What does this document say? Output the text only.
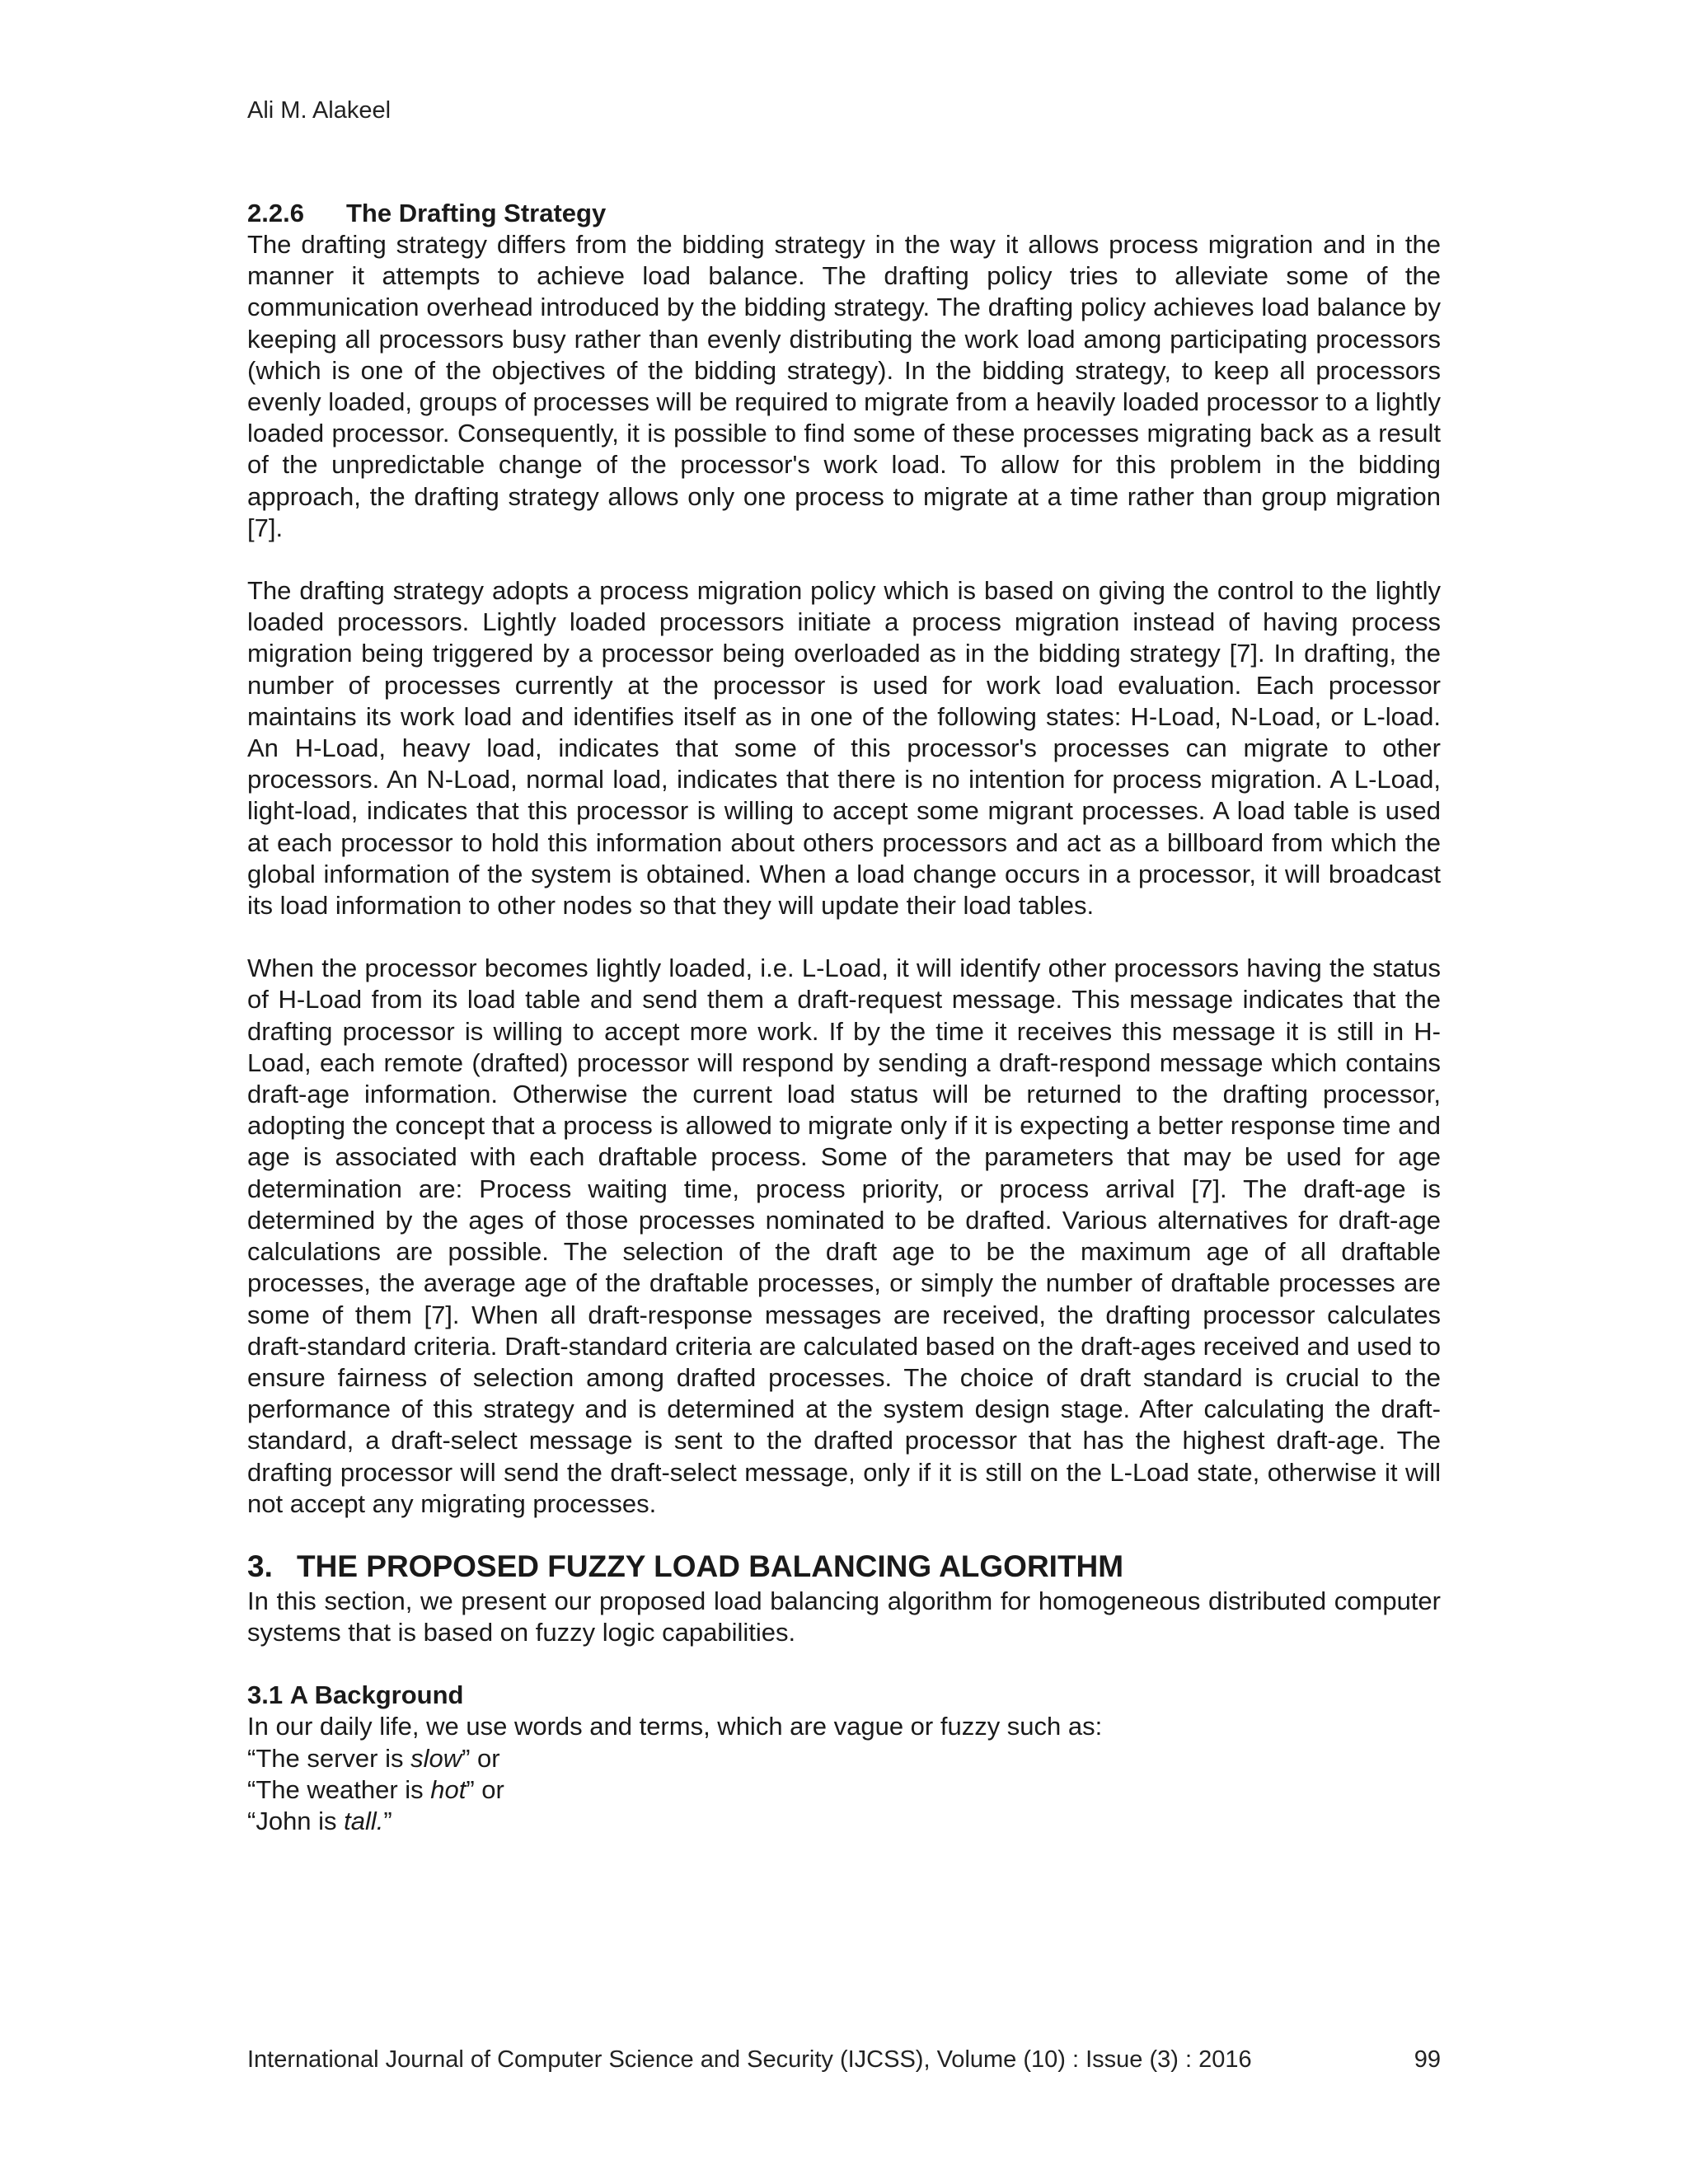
Ali M. Alakeel
2.2.6 The Drafting Strategy

The drafting strategy differs from the bidding strategy in the way it allows process migration and in the manner it attempts to achieve load balance. The drafting policy tries to alleviate some of the communication overhead introduced by the bidding strategy. The drafting policy achieves load balance by keeping all processors busy rather than evenly distributing the work load among participating processors (which is one of the objectives of the bidding strategy). In the bidding strategy, to keep all processors evenly loaded, groups of processes will be required to migrate from a heavily loaded processor to a lightly loaded processor. Consequently, it is possible to find some of these processes migrating back as a result of the unpredictable change of the processor's work load. To allow for this problem in the bidding approach, the drafting strategy allows only one process to migrate at a time rather than group migration [7].

The drafting strategy adopts a process migration policy which is based on giving the control to the lightly loaded processors. Lightly loaded processors initiate a process migration instead of having process migration being triggered by a processor being overloaded as in the bidding strategy [7]. In drafting, the number of processes currently at the processor is used for work load evaluation. Each processor maintains its work load and identifies itself as in one of the following states: H-Load, N-Load, or L-load. An H-Load, heavy load, indicates that some of this processor's processes can migrate to other processors. An N-Load, normal load, indicates that there is no intention for process migration. A L-Load, light-load, indicates that this processor is willing to accept some migrant processes. A load table is used at each processor to hold this information about others processors and act as a billboard from which the global information of the system is obtained. When a load change occurs in a processor, it will broadcast its load information to other nodes so that they will update their load tables.

When the processor becomes lightly loaded, i.e. L-Load, it will identify other processors having the status of H-Load from its load table and send them a draft-request message. This message indicates that the drafting processor is willing to accept more work. If by the time it receives this message it is still in H-Load, each remote (drafted) processor will respond by sending a draft-respond message which contains draft-age information. Otherwise the current load status will be returned to the drafting processor, adopting the concept that a process is allowed to migrate only if it is expecting a better response time and age is associated with each draftable process. Some of the parameters that may be used for age determination are: Process waiting time, process priority, or process arrival [7]. The draft-age is determined by the ages of those processes nominated to be drafted. Various alternatives for draft-age calculations are possible. The selection of the draft age to be the maximum age of all draftable processes, the average age of the draftable processes, or simply the number of draftable processes are some of them [7]. When all draft-response messages are received, the drafting processor calculates draft-standard criteria. Draft-standard criteria are calculated based on the draft-ages received and used to ensure fairness of selection among drafted processes. The choice of draft standard is crucial to the performance of this strategy and is determined at the system design stage. After calculating the draft-standard, a draft-select message is sent to the drafted processor that has the highest draft-age. The drafting processor will send the draft-select message, only if it is still on the L-Load state, otherwise it will not accept any migrating processes.

3. THE PROPOSED FUZZY LOAD BALANCING ALGORITHM

In this section, we present our proposed load balancing algorithm for homogeneous distributed computer systems that is based on fuzzy logic capabilities.

3.1 A Background

In our daily life, we use words and terms, which are vague or fuzzy such as:

“The server is slow” or

“The weather is hot” or

“John is tall.”

International Journal of Computer Science and Security (IJCSS), Volume (10) : Issue (3) : 2016	99
